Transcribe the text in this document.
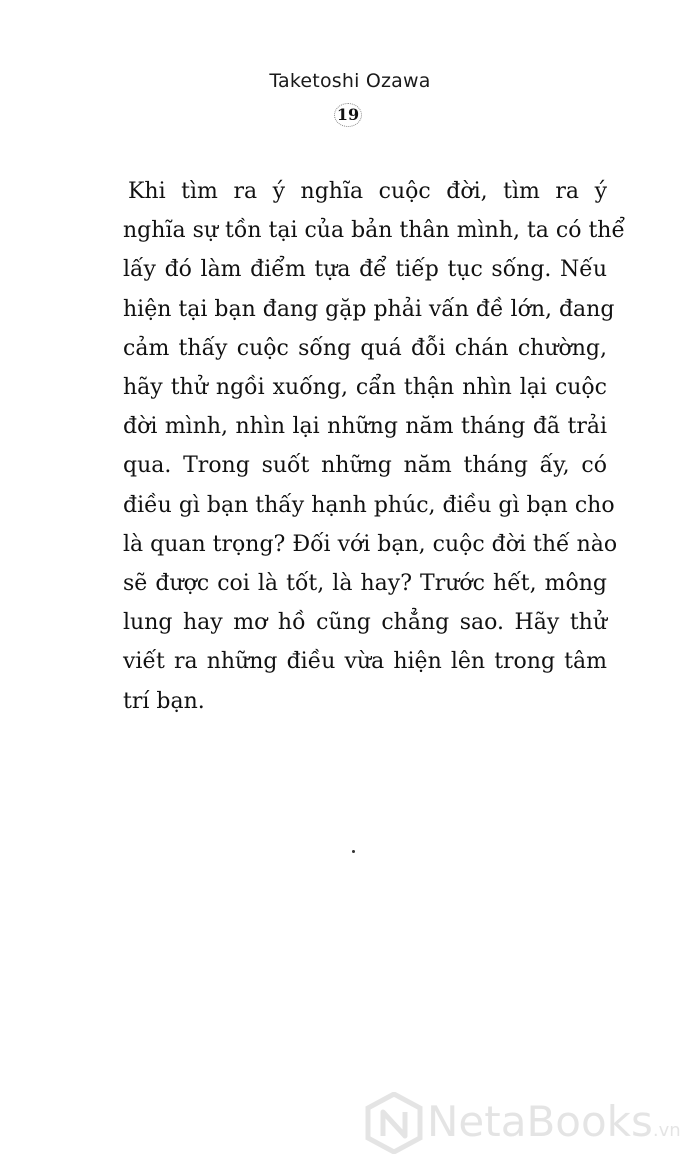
Taketoshi Ozawa
19

Khi tìm ra ý nghĩa cuộc đời, tìm ra ý
nghĩa sự tồn tại của bản thân mình, ta có thể
lấy đó làm điểm tựa để tiếp tục sống. Nếu
hiện tại bạn đang gặp phải vấn đề lớn, đang
cảm thấy cuộc sống quá đỗi chán chường,
hãy thử ngồi xuống, cẩn thận nhìn lại cuộc
đời mình, nhìn lại những năm tháng đã trải
qua. Trong suốt những năm tháng ấy, có
điều gì bạn thấy hạnh phúc, điều gì bạn cho
là quan trọng? Đối với bạn, cuộc đời thế nào
sẽ được coi là tốt, là hay? Trước hết, mông
lung hay mơ hồ cũng chẳng sao. Hãy thử
viết ra những điều vừa hiện lên trong tâm
trí bạn.

NetaBooks.vn
